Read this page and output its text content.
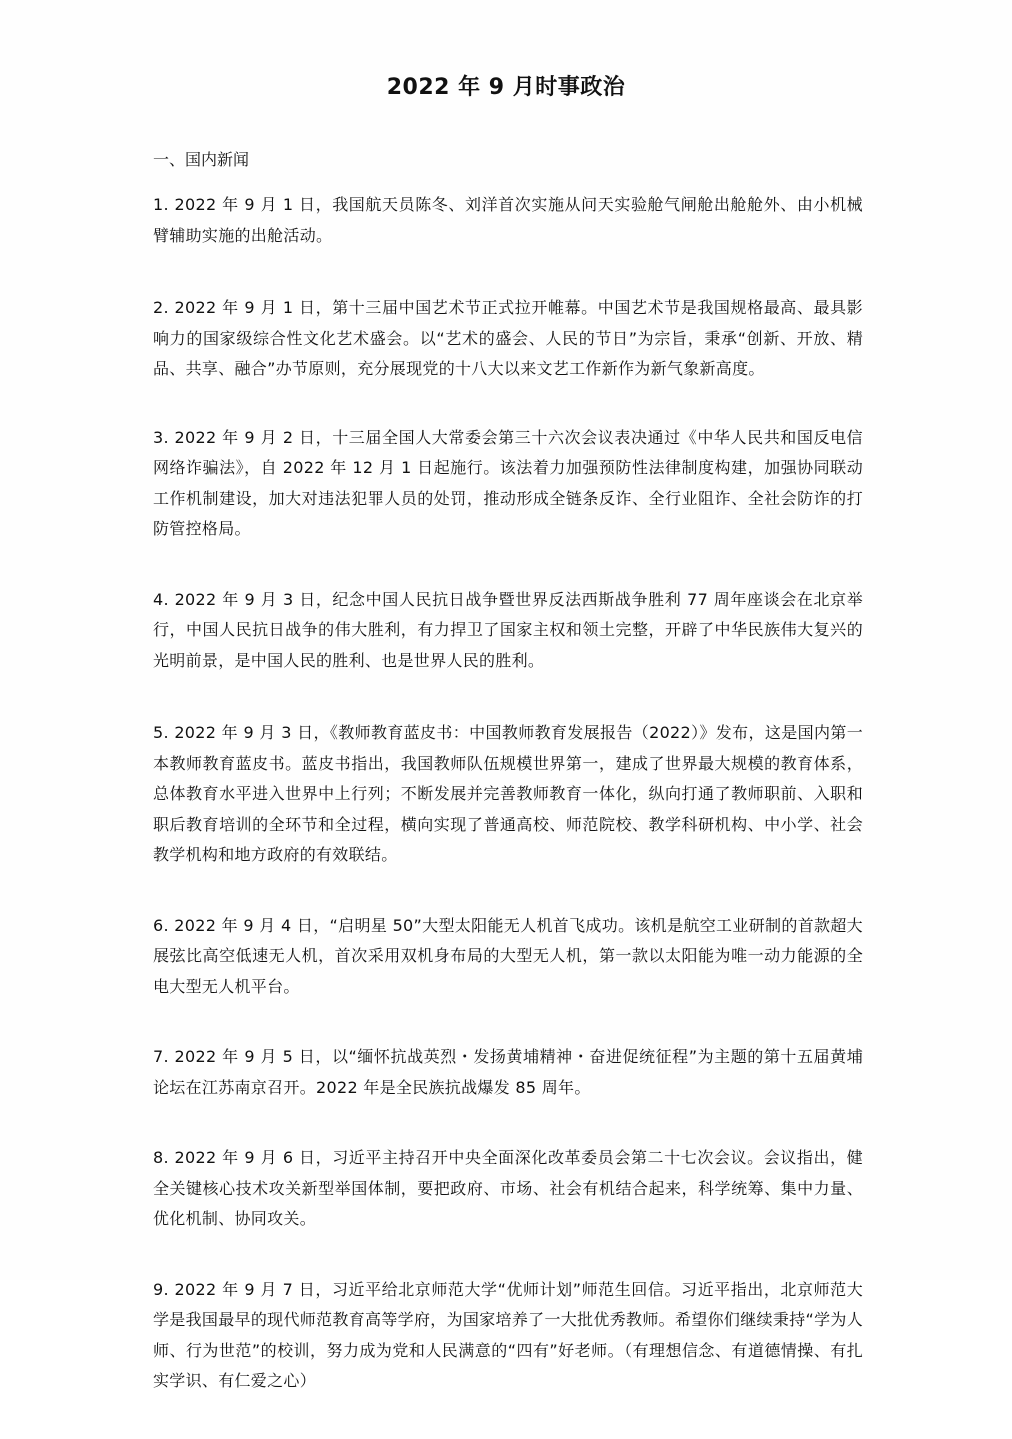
2022 年 9 月时事政治

一、国内新闻

1. 2022 年 9 月 1 日，我国航天员陈冬、刘洋首次实施从问天实验舱气闸舱出舱舱外、由小机械臂辅助实施的出舱活动。

2. 2022 年 9 月 1 日，第十三届中国艺术节正式拉开帷幕。中国艺术节是我国规格最高、最具影响力的国家级综合性文化艺术盛会。以“艺术的盛会、人民的节日”为宗旨，秉承“创新、开放、精品、共享、融合”办节原则，充分展现党的十八大以来文艺工作新作为新气象新高度。

3. 2022 年 9 月 2 日，十三届全国人大常委会第三十六次会议表决通过《中华人民共和国反电信网络诈骗法》，自 2022 年 12 月 1 日起施行。该法着力加强预防性法律制度构建，加强协同联动工作机制建设，加大对违法犯罪人员的处罚，推动形成全链条反诈、全行业阻诈、全社会防诈的打防管控格局。

4. 2022 年 9 月 3 日，纪念中国人民抗日战争暨世界反法西斯战争胜利 77 周年座谈会在北京举行，中国人民抗日战争的伟大胜利，有力捍卫了国家主权和领土完整，开辟了中华民族伟大复兴的光明前景，是中国人民的胜利、也是世界人民的胜利。

5. 2022 年 9 月 3 日，《教师教育蓝皮书：中国教师教育发展报告（2022）》发布，这是国内第一本教师教育蓝皮书。蓝皮书指出，我国教师队伍规模世界第一，建成了世界最大规模的教育体系，总体教育水平进入世界中上行列；不断发展并完善教师教育一体化，纵向打通了教师职前、入职和职后教育培训的全环节和全过程，横向实现了普通高校、师范院校、教学科研机构、中小学、社会教学机构和地方政府的有效联结。

6. 2022 年 9 月 4 日，“启明星 50”大型太阳能无人机首飞成功。该机是航空工业研制的首款超大展弦比高空低速无人机，首次采用双机身布局的大型无人机，第一款以太阳能为唯一动力能源的全电大型无人机平台。

7. 2022 年 9 月 5 日，以“缅怀抗战英烈・发扬黄埔精神・奋进促统征程”为主题的第十五届黄埔论坛在江苏南京召开。2022 年是全民族抗战爆发 85 周年。

8. 2022 年 9 月 6 日，习近平主持召开中央全面深化改革委员会第二十七次会议。会议指出，健全关键核心技术攻关新型举国体制，要把政府、市场、社会有机结合起来，科学统筹、集中力量、优化机制、协同攻关。

9. 2022 年 9 月 7 日，习近平给北京师范大学“优师计划”师范生回信。习近平指出，北京师范大学是我国最早的现代师范教育高等学府，为国家培养了一大批优秀教师。希望你们继续秉持“学为人师、行为世范”的校训，努力成为党和人民满意的“四有”好老师。（有理想信念、有道德情操、有扎实学识、有仁爱之心）
